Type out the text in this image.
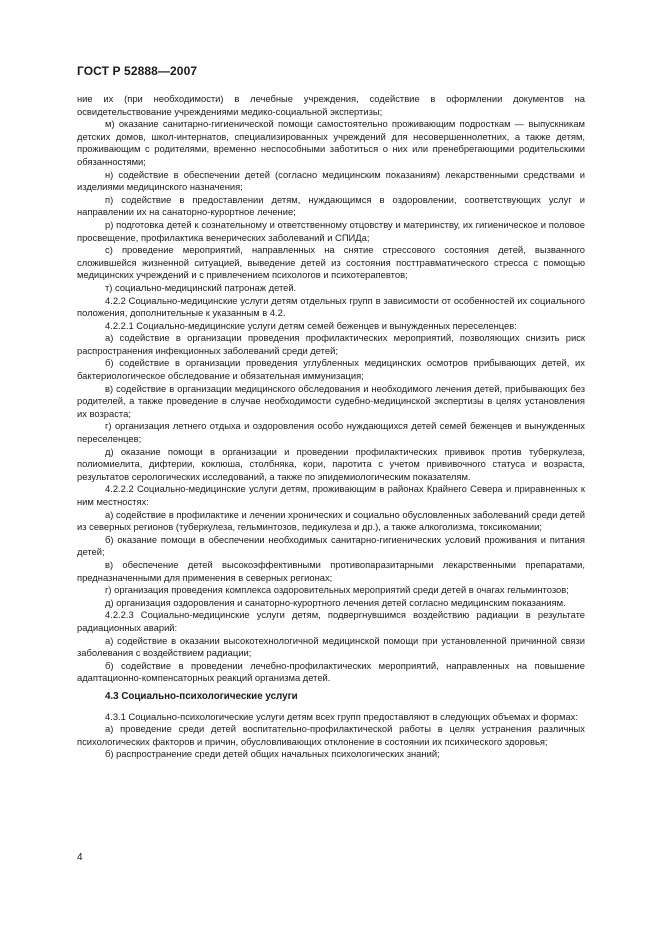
ГОСТ Р 52888—2007

ние их (при необходимости) в лечебные учреждения, содействие в оформлении документов на освидетельствование учреждениями медико-социальной экспертизы;

м) оказание санитарно-гигиенической помощи самостоятельно проживающим подросткам — выпускникам детских домов, школ-интернатов, специализированных учреждений для несовершеннолетних, а также детям, проживающим с родителями, временно неспособными заботиться о них или пренебрегающими родительскими обязанностями;

н) содействие в обеспечении детей (согласно медицинским показаниям) лекарственными средствами и изделиями медицинского назначения;

п) содействие в предоставлении детям, нуждающимся в оздоровлении, соответствующих услуг и направлении их на санаторно-курортное лечение;

р) подготовка детей к сознательному и ответственному отцовству и материнству, их гигиеническое и половое просвещение, профилактика венерических заболеваний и СПИДа;

с) проведение мероприятий, направленных на снятие стрессового состояния детей, вызванного сложившейся жизненной ситуацией, выведение детей из состояния посттравматического стресса с помощью медицинских учреждений и с привлечением психологов и психотерапевтов;

т) социально-медицинский патронаж детей.

4.2.2 Социально-медицинские услуги детям отдельных групп в зависимости от особенностей их социального положения, дополнительные к указанным в 4.2.

4.2.2.1 Социально-медицинские услуги детям семей беженцев и вынужденных переселенцев:

а) содействие в организации проведения профилактических мероприятий, позволяющих снизить риск распространения инфекционных заболеваний среди детей;

б) содействие в организации проведения углубленных медицинских осмотров прибывающих детей, их бактериологическое обследование и обязательная иммунизация;

в) содействие в организации медицинского обследования и необходимого лечения детей, прибывающих без родителей, а также проведение в случае необходимости судебно-медицинской экспертизы в целях установления их возраста;

г) организация летнего отдыха и оздоровления особо нуждающихся детей семей беженцев и вынужденных переселенцев;

д) оказание помощи в организации и проведении профилактических прививок против туберкулеза, полиомиелита, дифтерии, коклюша, столбняка, кори, паротита с учетом прививочного статуса и возраста, результатов серологических исследований, а также по эпидемиологическим показателям.

4.2.2.2 Социально-медицинские услуги детям, проживающим в районах Крайнего Севера и приравненных к ним местностях:

а) содействие в профилактике и лечении хронических и социально обусловленных заболеваний среди детей из северных регионов (туберкулеза, гельминтозов, педикулеза и др.), а также алкоголизма, токсикомании;

б) оказание помощи в обеспечении необходимых санитарно-гигиенических условий проживания и питания детей;

в) обеспечение детей высокоэффективными противопаразитарными лекарственными препаратами, предназначенными для применения в северных регионах;

г) организация проведения комплекса оздоровительных мероприятий среди детей в очагах гельминтозов;

д) организация оздоровления и санаторно-курортного лечения детей согласно медицинским показаниям.

4.2.2.3 Социально-медицинские услуги детям, подвергнувшимся воздействию радиации в результате радиационных аварий:

а) содействие в оказании высокотехнологичной медицинской помощи при установленной причинной связи заболевания с воздействием радиации;

б) содействие в проведении лечебно-профилактических мероприятий, направленных на повышение адаптационно-компенсаторных реакций организма детей.

4.3 Социально-психологические услуги

4.3.1 Социально-психологические услуги детям всех групп предоставляют в следующих объемах и формах:

а) проведение среди детей воспитательно-профилактической работы в целях устранения различных психологических факторов и причин, обусловливающих отклонение в состоянии их психического здоровья;

б) распространение среди детей общих начальных психологических знаний;

4
